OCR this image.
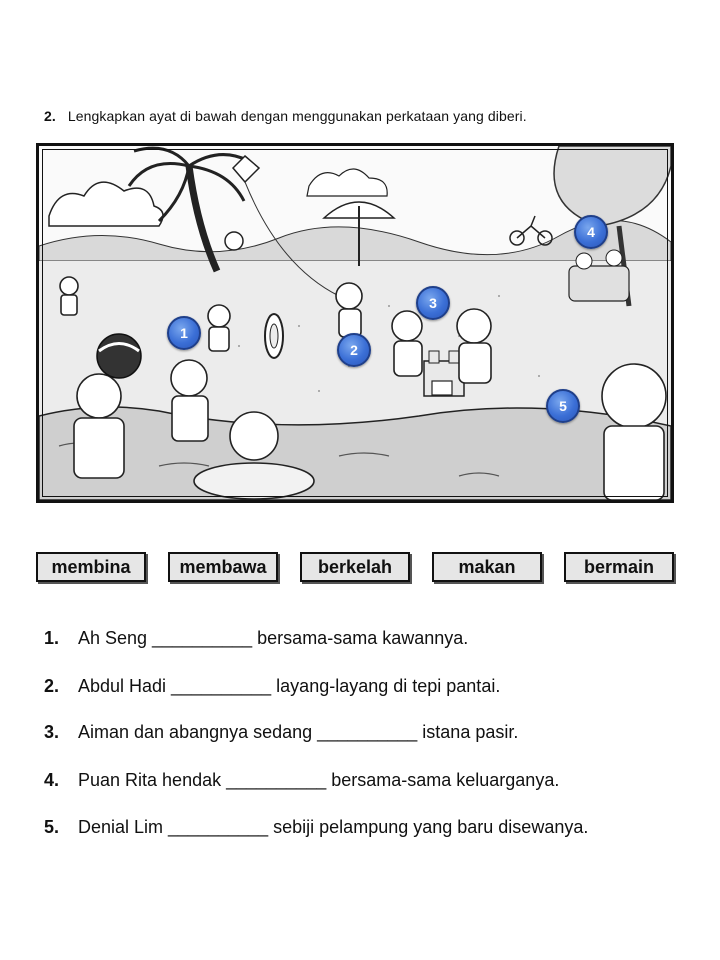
2. Lengkapkan ayat di bawah dengan menggunakan perkataan yang diberi.
1
2
3
4
5
membina	membawa	berkelah	makan	bermain
1. Ah Seng __________ bersama-sama kawannya.
2. Abdul Hadi __________ layang-layang di tepi pantai.
3. Aiman dan abangnya sedang __________ istana pasir.
4. Puan Rita hendak __________ bersama-sama keluarganya.
5. Denial Lim __________ sebiji pelampung yang baru disewanya.
